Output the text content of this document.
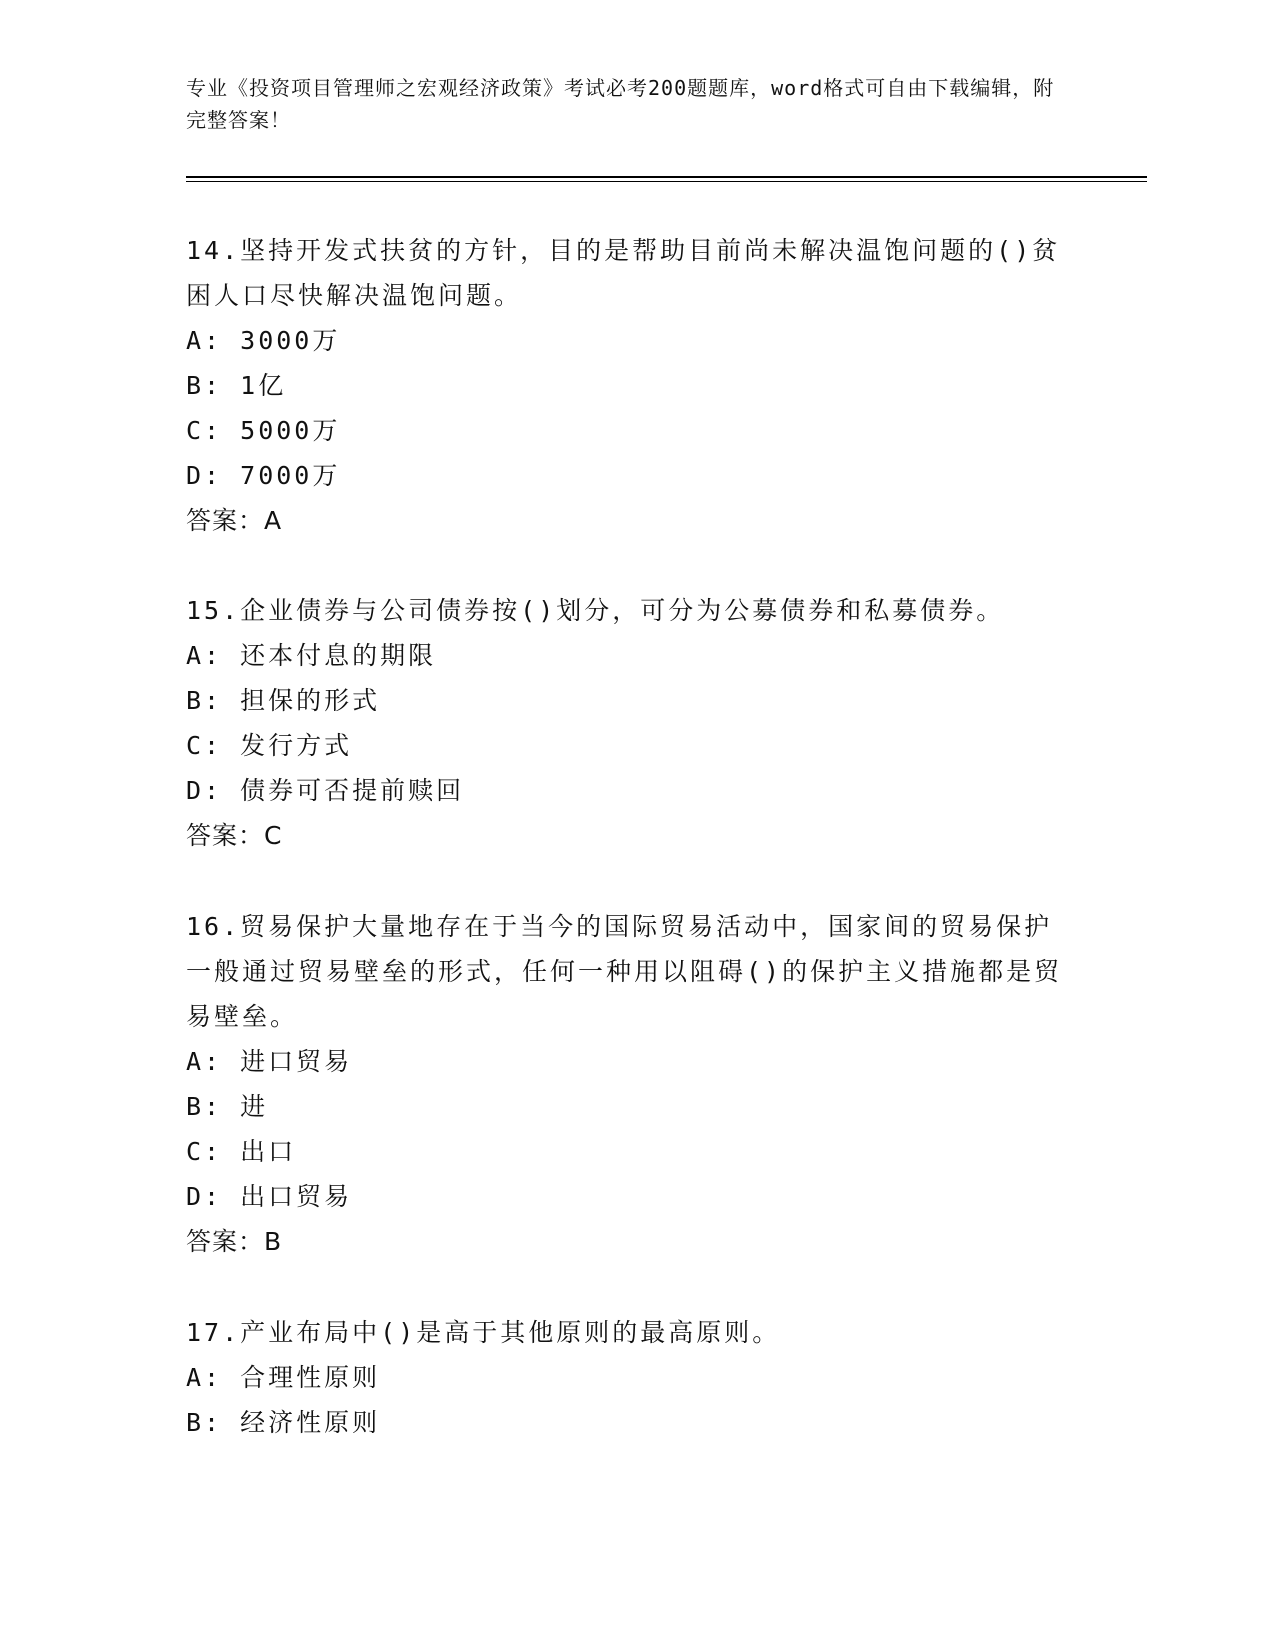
专业《投资项目管理师之宏观经济政策》考试必考200题题库，word格式可自由下载编辑，附完整答案！

14.坚持开发式扶贫的方针，目的是帮助目前尚未解决温饱问题的()贫困人口尽快解决温饱问题。

A: 3000万
B: 1亿
C: 5000万
D: 7000万
答案：A

15.企业债券与公司债券按()划分，可分为公募债券和私募债券。

A: 还本付息的期限
B: 担保的形式
C: 发行方式
D: 债券可否提前赎回
答案：C

16.贸易保护大量地存在于当今的国际贸易活动中，国家间的贸易保护一般通过贸易壁垒的形式，任何一种用以阻碍()的保护主义措施都是贸易壁垒。

A: 进口贸易
B: 进
C: 出口
D: 出口贸易
答案：B

17.产业布局中()是高于其他原则的最高原则。

A: 合理性原则
B: 经济性原则
